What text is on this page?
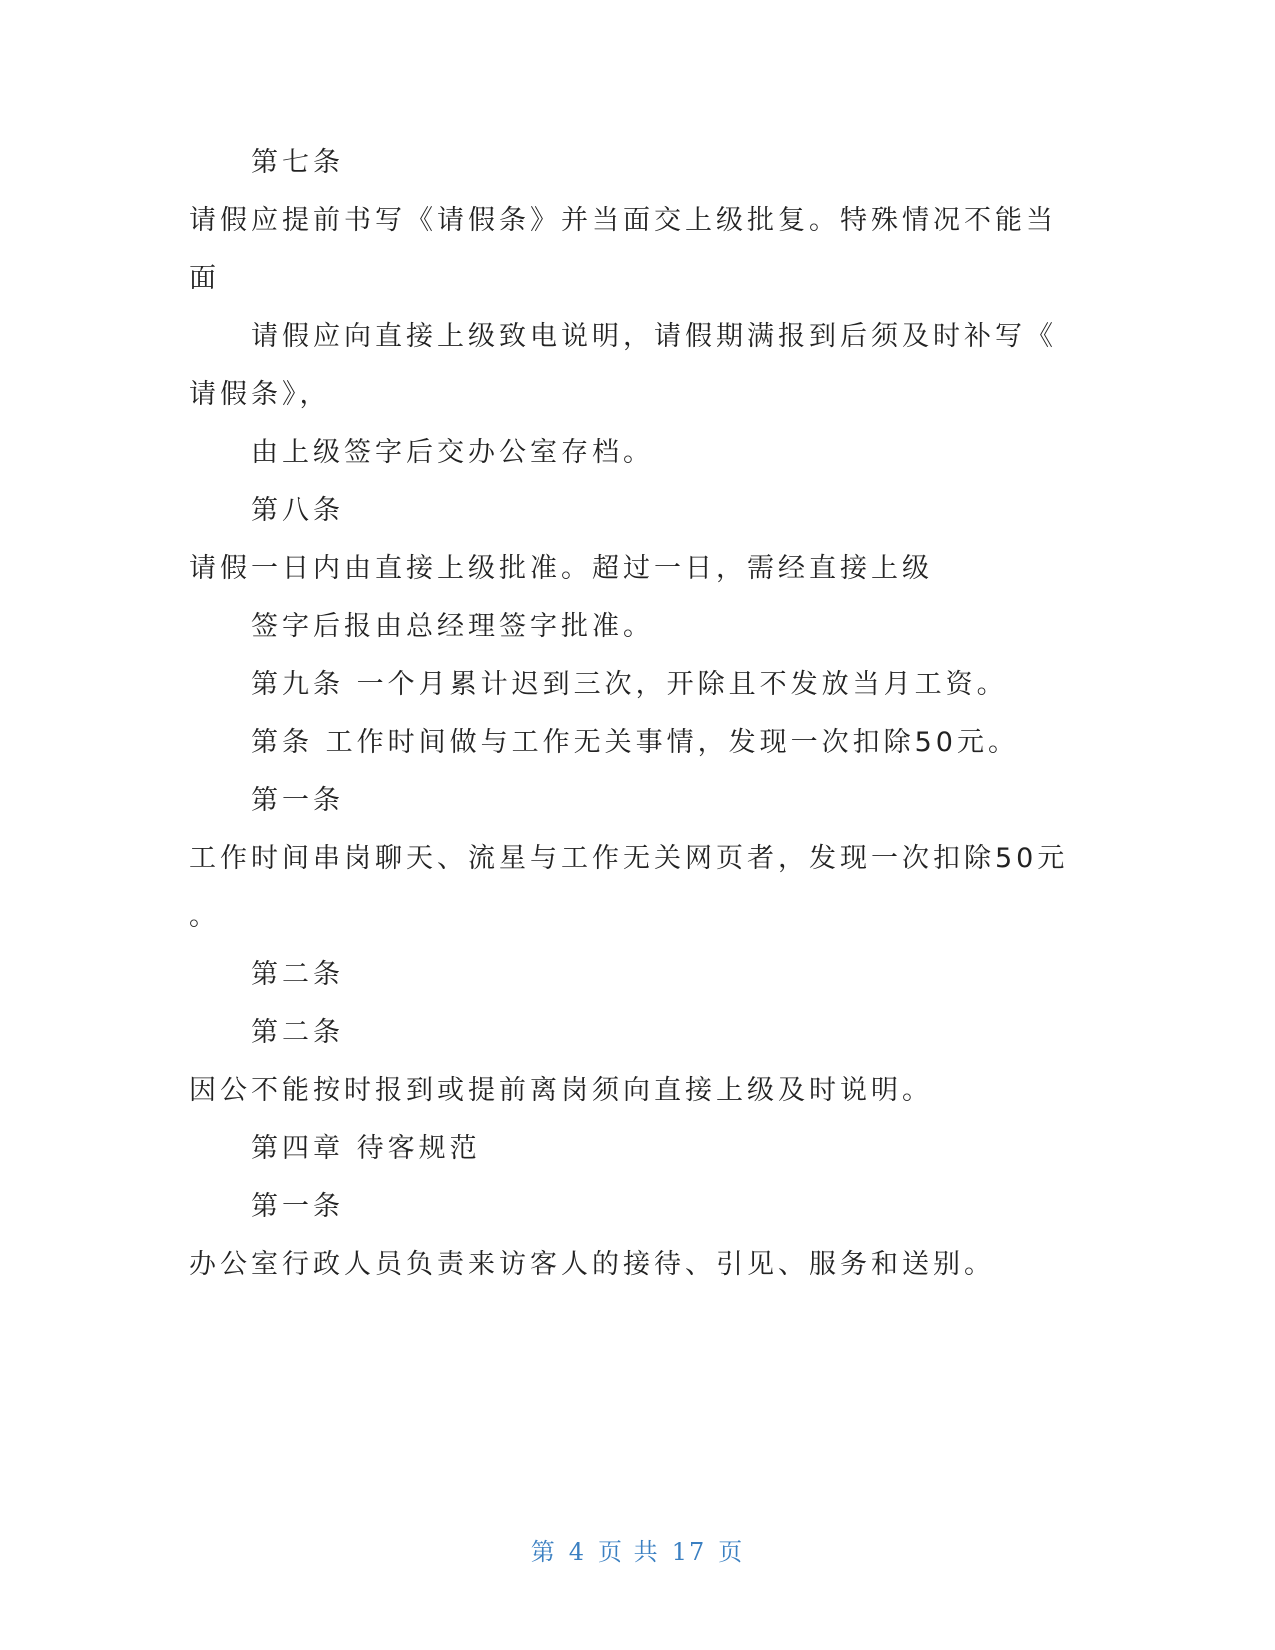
第七条

请假应提前书写《请假条》并当面交上级批复。特殊情况不能当

面

请假应向直接上级致电说明，请假期满报到后须及时补写《

请假条》，

由上级签字后交办公室存档。

第八条

请假一日内由直接上级批准。超过一日，需经直接上级

签字后报由总经理签字批准。

第九条 一个月累计迟到三次，开除且不发放当月工资。

第条 工作时间做与工作无关事情，发现一次扣除50元。

第一条

工作时间串岗聊天、流星与工作无关网页者，发现一次扣除50元

。

第二条

第二条

因公不能按时报到或提前离岗须向直接上级及时说明。

第四章 待客规范

第一条

办公室行政人员负责来访客人的接待、引见、服务和送别。

第 4 页 共 17 页
